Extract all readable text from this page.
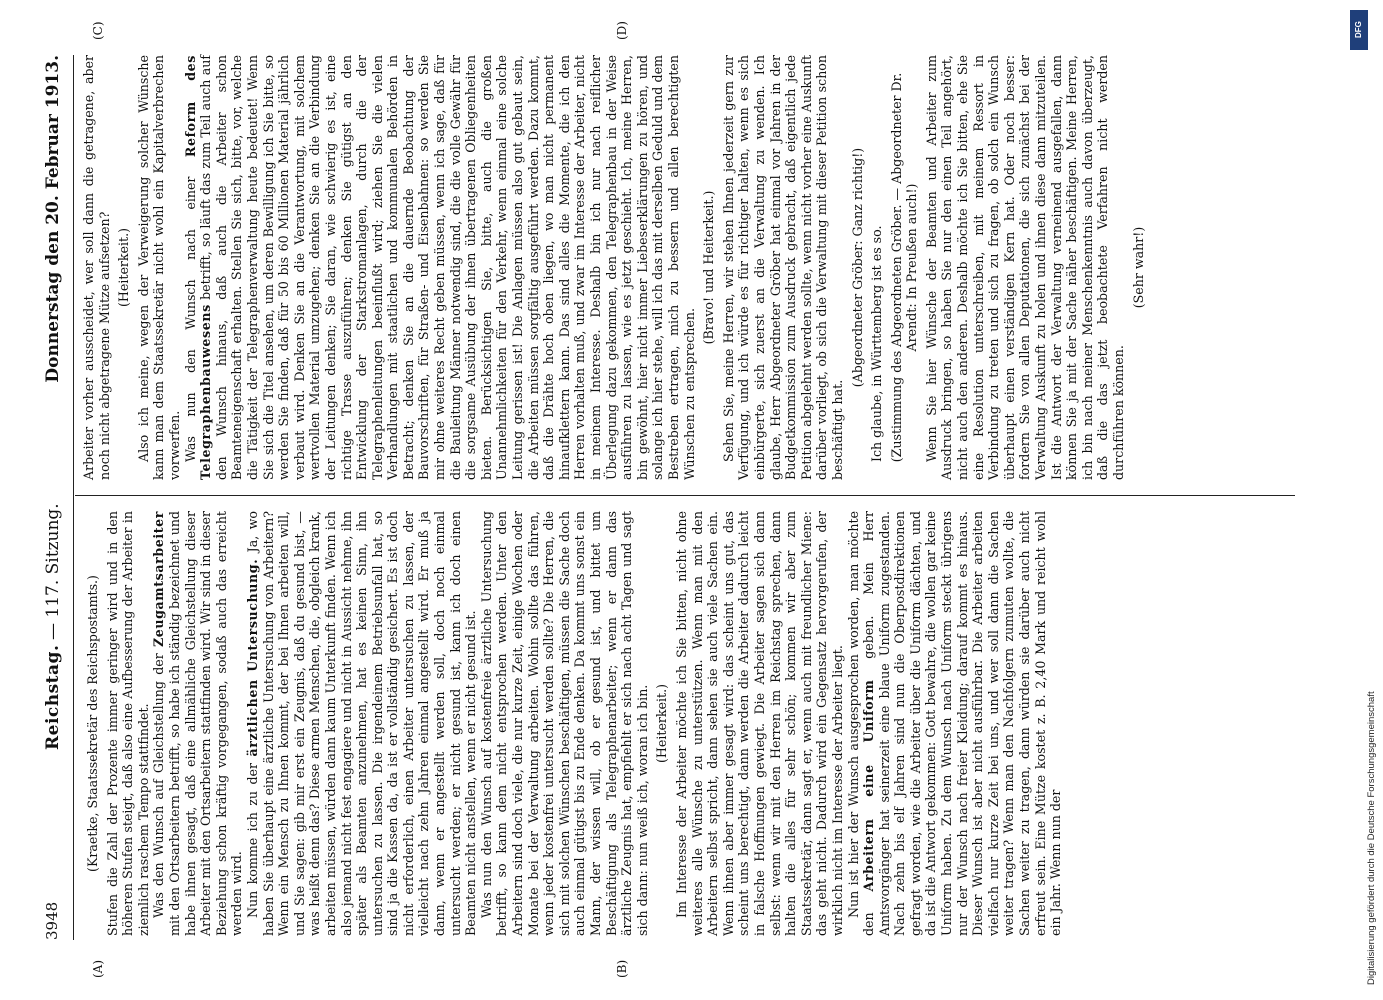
3948
Reichstag.
— 117. Sitzung.
Donnerstag den 20. Februar 1913.
(A)	(B)
(C)	(D)

(Kraetke, Staatssekretär des Reichspostamts.) Stufen die Zahl der Prozente immer geringer wird und in den höheren Stufen steigt, daß also eine Aufbesserung der Arbeiter in ziemlich raschem Tempo stattfindet. Was den Wunsch auf Gleichstellung der Zeugamtsarbeiter mit den Ortsarbeitern betrifft, so habe ich ständig bezeichnet und habe ihnen gesagt, daß eine allmähliche Gleichstellung dieser Arbeiter mit den Ortsarbeitern stattfinden wird. Wir sind in dieser Beziehung schon kräftig vorgegangen, sodaß auch das erreicht werden wird. Nun komme ich zu der ärztlichen Untersuchung. Ja, wo haben Sie überhaupt eine ärztliche Untersuchung von Arbeitern? Wenn ein Mensch zu Ihnen kommt, der bei Ihnen arbeiten will, und Sie sagen: gib mir erst ein Zeugnis, daß du gesund bist, — was heißt denn das? Diese armen Menschen, die, obgleich krank, arbeiten müssen, würden dann kaum Unterkunft finden. Wenn ich also jemand nicht fest engagiere und nicht in Aussicht nehme, ihn später als Beamten anzunehmen, hat es keinen Sinn, ihn untersuchen zu lassen. Die irgendeinem Betriebsunfall hat, so sind ja die Kassen da, da ist er vollständig gesichert. Es ist doch nicht erforderlich, einen Arbeiter untersuchen zu lassen, der vielleicht nach zehn Jahren einmal angestellt wird. Er muß ja dann, wenn er angestellt werden soll, doch noch einmal untersucht werden; er nicht gesund ist, kann ich doch einen Beamten nicht anstellen, wenn er nicht gesund ist. Was nun den Wunsch auf kostenfreie ärztliche Untersuchung betrifft, so kann dem nicht entsprochen werden. Unter den Arbeitern sind doch viele, die nur kurze Zeit, einige Wochen oder Monate bei der Verwaltung arbeiten. Wohin sollte das führen, wenn jeder kostenfrei untersucht werden sollte? Die Herren, die sich mit solchen Wünschen beschäftigen, müssen die Sache doch auch einmal gütigst bis zu Ende denken. Da kommt uns sonst ein Mann, der wissen will, ob er gesund ist, und bittet um Beschäftigung als Telegraphenarbeiter; wenn er dann das ärztliche Zeugnis hat, empfiehlt er sich nach acht Tagen und sagt sich dann: nun weiß ich, woran ich bin. (Heiterkeit.) Im Interesse der Arbeiter möchte ich Sie bitten, nicht ohne weiteres alle Wünsche zu unterstützen. Wenn man mit den Arbeitern selbst spricht, dann sehen sie auch viele Sachen ein. Wenn ihnen aber immer gesagt wird: das scheint uns gut, das scheint uns berechtigt, dann werden die Arbeiter dadurch leicht in falsche Hoffnungen gewiegt. Die Arbeiter sagen sich dann selbst: wenn wir mit den Herren im Reichstag sprechen, dann halten die alles für sehr schön; kommen wir aber zum Staatssekretär, dann sagt er, wenn auch mit freundlicher Miene: das geht nicht. Dadurch wird ein Gegensatz hervorgerufen, der wirklich nicht im Interesse der Arbeiter liegt. Nun ist hier der Wunsch ausgesprochen worden, man möchte den Arbeitern eine Uniform geben. Mein Herr Amtsvorgänger hat seinerzeit eine blaue Uniform zugestanden. Nach zehn bis elf Jahren sind nun die Oberpostdirektionen gefragt worden, wie die Arbeiter über die Uniform dächten, und da ist die Antwort gekommen: Gott bewahre, die wollen gar keine Uniform haben. Zu dem Wunsch nach Uniform steckt übrigens nur der Wunsch nach freier Kleidung; darauf kommt es hinaus. Dieser Wunsch ist aber nicht ausführbar. Die Arbeiter arbeiten vielfach nur kurze Zeit bei uns, und wer soll dann die Sachen weiter tragen? Wenn man den Nachfolgern zumuten wollte, die Sachen weiter zu tragen, dann würden sie darüber auch nicht erfreut sein. Eine Mütze kostet z. B. 2,40 Mark und reicht wohl ein Jahr. Wenn nun der

Arbeiter vorher ausscheidet, wer soll dann die getragene, aber noch nicht abgetragene Mütze aufsetzen? (Heiterkeit.) Also ich meine, wegen der Verweigerung solcher Wünsche kann man dem Staatssekretär nicht wohl ein Kapitalverbrechen vorwerfen. Was nun den Wunsch nach einer Reform des Telegraphenbauwesens betrifft, so läuft das zum Teil auch auf den Wunsch hinaus, daß auch die Arbeiter schon Beamteneigenschaft erhalten. Stellen Sie sich, bitte, vor, welche die Tätigkeit der Telegraphenverwaltung heute bedeutet! Wenn Sie sich die Titel ansehen, um deren Bewilligung ich Sie bitte, so werden Sie finden, daß für 50 bis 60 Millionen Material jährlich verbaut wird. Denken Sie an die Verantwortung, mit solchem wertvollen Material umzugehen; denken Sie an die Verbindung der Leitungen denken; Sie daran, wie schwierig es ist, eine richtige Trasse auszuführen; denken Sie gütigst an den Entwicklung der Starkstromanlagen, durch die der Telegraphenleitungen beeinflußt wird; ziehen Sie die vielen Verhandlungen mit staatlichen und kommunalen Behörden in Betracht; denken Sie an die dauernde Beobachtung der Bauvorschriften, für Straßen- und Eisenbahnen: so werden Sie mir ohne weiteres Recht geben müssen, wenn ich sage, daß für die Bauleitung Männer notwendig sind, die die volle Gewähr für die sorgsame Ausübung der ihnen übertragenen Obliegenheiten bieten. Berücksichtigen Sie, bitte, auch die großen Unannehmlichkeiten für den Verkehr, wenn einmal eine solche Leitung gerissen ist! Die Anlagen müssen also gut gebaut sein, die Arbeiten müssen sorgfältig ausgeführt werden. Dazu kommt, daß die Drähte hoch oben liegen, wo man nicht permanent hinaufklettern kann. Das sind alles die Momente, die ich den Herren vorhalten muß, und zwar im Interesse der Arbeiter, nicht in meinem Interesse. Deshalb bin ich nur nach reiflicher Überlegung dazu gekommen, den Telegraphenbau in der Weise ausführen zu lassen, wie es jetzt geschieht. Ich, meine Herren, bin gewöhnt, hier nicht immer Liebeserklärungen zu hören, und solange ich hier stehe, will ich das mit derselben Geduld und dem Bestreben ertragen, mich zu bessern und allen berechtigten Wünschen zu entsprechen.

(Bravo! und Heiterkeit.) Sehen Sie, meine Herren, wir stehen Ihnen jederzeit gern zur Verfügung, und ich würde es für richtiger halten, wenn es sich einbürgerte, sich zuerst an die Verwaltung zu wenden. Ich glaube, Herr Abgeordneter Gröber hat einmal vor Jahren in der Budgetkommission zum Ausdruck gebracht, daß eigentlich jede Petition abgelehnt werden sollte, wenn nicht vorher eine Auskunft darüber vorliegt, ob sich die Verwaltung mit dieser Petition schon beschäftigt hat.

(Abgeordneter Gröber: Ganz richtig!) Ich glaube, in Württemberg ist es so. (Zustimmung des Abgeordneten Gröber. — Abgeordneter Dr. Arendt: In Preußen auch!) Wenn Sie hier Wünsche der Beamten und Arbeiter zum Ausdruck bringen, so haben Sie nur den einen Teil angehört, nicht auch den anderen. Deshalb möchte ich Sie bitten, ehe Sie eine Resolution unterschreiben, mit meinem Ressort in Verbindung zu treten und sich zu fragen, ob solch ein Wunsch überhaupt einen verständigen Kern hat. Oder noch besser: fordern Sie von allen Deputationen, die sich zunächst bei der Verwaltung Auskunft zu holen und ihnen diese dann mitzuteilen. Ist die Antwort der Verwaltung verneinend ausgefallen, dann können Sie ja mit der Sache näher beschäftigen. Meine Herren, ich bin nach meiner Menschenkenntnis auch davon überzeugt, daß die das jetzt beobachtete Verfahren nicht werden durchführen können.

(Sehr wahr!)

DFG
Digitalisierung gefördert durch die Deutsche Forschungsgemeinschaft
